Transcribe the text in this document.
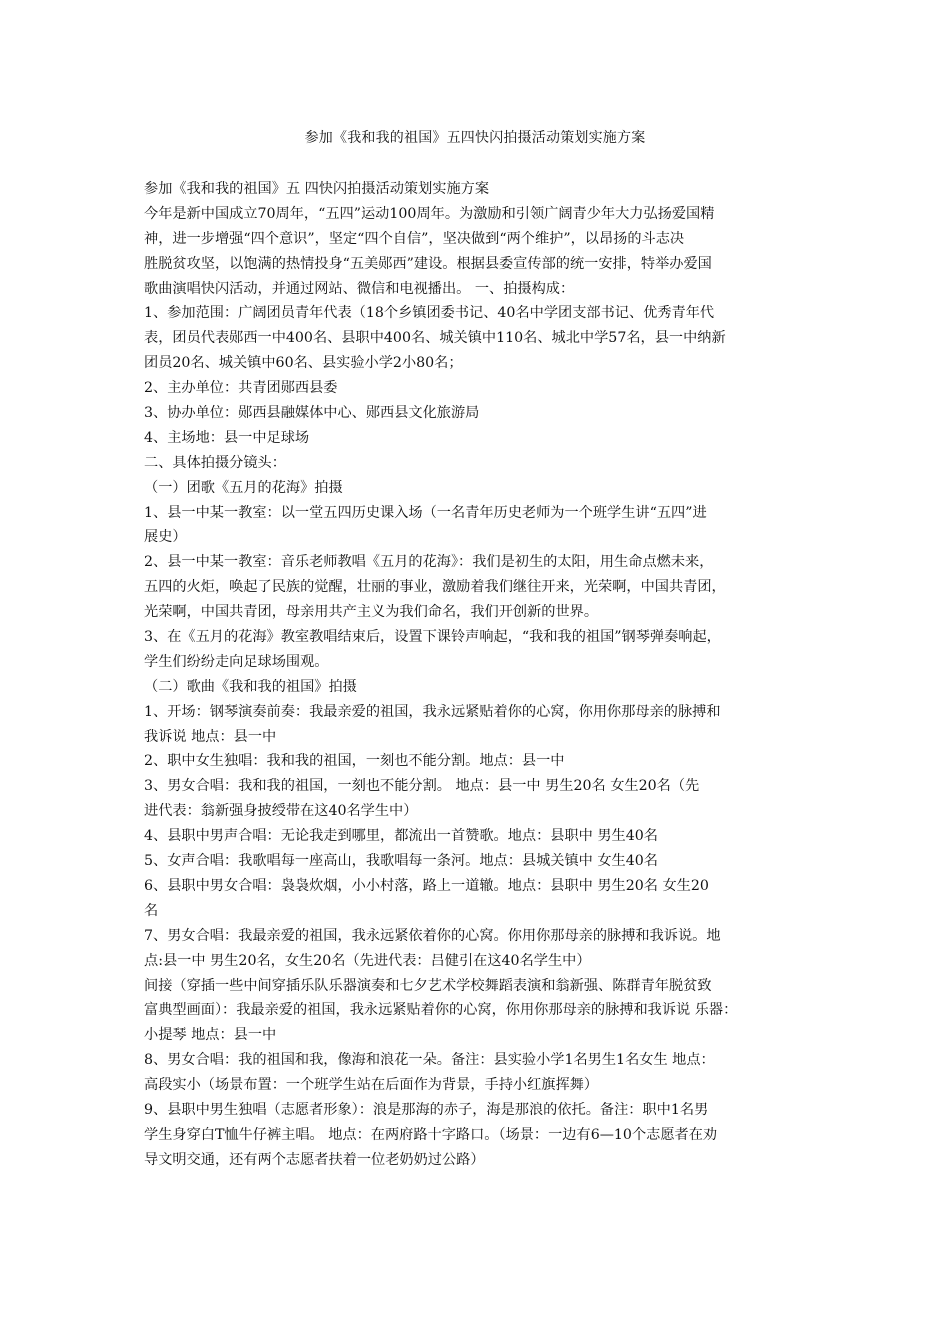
参加《我和我的祖国》五四快闪拍摄活动策划实施方案
参加《我和我的祖国》五 四快闪拍摄活动策划实施方案
今年是新中国成立70周年，“五四”运动100周年。为激励和引领广阔青少年大力弘扬爱国精
神，进一步增强“四个意识”，坚定“四个自信”，坚决做到“两个维护”，以昂扬的斗志决
胜脱贫攻坚，以饱满的热情投身“五美郧西”建设。根据县委宣传部的统一安排，特举办爱国
歌曲演唱快闪活动，并通过网站、微信和电视播出。 一、拍摄构成：
1、参加范围：广阔团员青年代表（18个乡镇团委书记、40名中学团支部书记、优秀青年代
表，团员代表郧西一中400名、县职中400名、城关镇中110名、城北中学57名，县一中纳新
团员20名、城关镇中60名、县实验小学2小80名；
2、主办单位：共青团郧西县委
3、协办单位：郧西县融媒体中心、郧西县文化旅游局
4、主场地：县一中足球场
二、具体拍摄分镜头：
（一）团歌《五月的花海》拍摄
1、县一中某一教室：以一堂五四历史课入场（一名青年历史老师为一个班学生讲“五四”进
展史）
2、县一中某一教室：音乐老师教唱《五月的花海》：我们是初生的太阳，用生命点燃未来，
五四的火炬，唤起了民族的觉醒，壮丽的事业，激励着我们继往开来，光荣啊，中国共青团，
光荣啊，中国共青团，母亲用共产主义为我们命名，我们开创新的世界。
3、在《五月的花海》教室教唱结束后，设置下课铃声响起，“我和我的祖国”钢琴弹奏响起，
学生们纷纷走向足球场围观。
（二）歌曲《我和我的祖国》拍摄
1、开场：钢琴演奏前奏：我最亲爱的祖国，我永远紧贴着你的心窝，你用你那母亲的脉搏和
我诉说 地点：县一中
2、职中女生独唱：我和我的祖国，一刻也不能分割。地点：县一中
3、男女合唱：我和我的祖国，一刻也不能分割。 地点：县一中 男生20名 女生20名（先
进代表：翁新强身披绶带在这40名学生中）
4、县职中男声合唱：无论我走到哪里，都流出一首赞歌。地点：县职中 男生40名
5、女声合唱：我歌唱每一座高山，我歌唱每一条河。地点：县城关镇中 女生40名
6、县职中男女合唱：袅袅炊烟，小小村落，路上一道辙。地点：县职中 男生20名 女生20
名
7、男女合唱：我最亲爱的祖国，我永远紧依着你的心窝。你用你那母亲的脉搏和我诉说。地
点:县一中 男生20名，女生20名（先进代表：吕健引在这40名学生中）
间接（穿插一些中间穿插乐队乐器演奏和七夕艺术学校舞蹈表演和翁新强、陈群青年脱贫致
富典型画面）：我最亲爱的祖国，我永远紧贴着你的心窝，你用你那母亲的脉搏和我诉说 乐器：
小提琴 地点：县一中
8、男女合唱：我的祖国和我，像海和浪花一朵。备注：县实验小学1名男生1名女生 地点：
高段实小（场景布置：一个班学生站在后面作为背景，手持小红旗挥舞）
9、县职中男生独唱（志愿者形象）：浪是那海的赤子，海是那浪的依托。备注：职中1名男
学生身穿白T恤牛仔裤主唱。 地点：在两府路十字路口。（场景：一边有6—10个志愿者在劝
导文明交通，还有两个志愿者扶着一位老奶奶过公路）
